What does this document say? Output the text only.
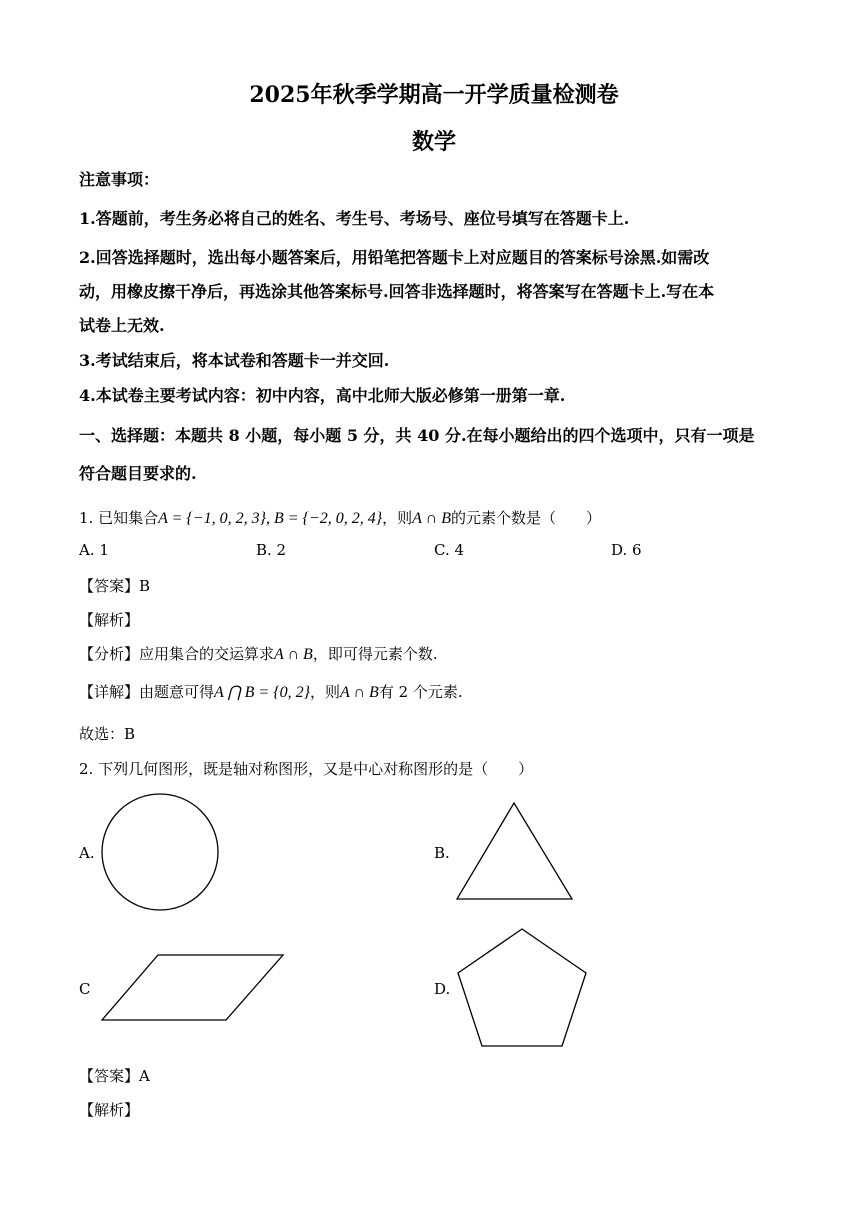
2025年秋季学期高一开学质量检测卷
数学
注意事项：
1.答题前，考生务必将自己的姓名、考生号、考场号、座位号填写在答题卡上.
2.回答选择题时，选出每小题答案后，用铅笔把答题卡上对应题目的答案标号涂黑.如需改
动，用橡皮擦干净后，再选涂其他答案标号.回答非选择题时，将答案写在答题卡上.写在本
试卷上无效.
3.考试结束后，将本试卷和答题卡一并交回.
4.本试卷主要考试内容：初中内容，高中北师大版必修第一册第一章.
一、选择题：本题共 8 小题，每小题 5 分，共 40 分.在每小题给出的四个选项中，只有一项是
符合题目要求的.
1. 已知集合A = {−1, 0, 2, 3}, B = {−2, 0, 2, 4}，则A ∩ B的元素个数是（　　）
A. 1	B. 2	C. 4	D. 6
【答案】B
【解析】
【分析】应用集合的交运算求A ∩ B，即可得元素个数.
【详解】由题意可得A ⋂ B = {0, 2}，则A ∩ B有 2 个元素.
故选：B
2. 下列几何图形，既是轴对称图形，又是中心对称图形的是（　　）
A.	B.
C	D.
【答案】A
【解析】
